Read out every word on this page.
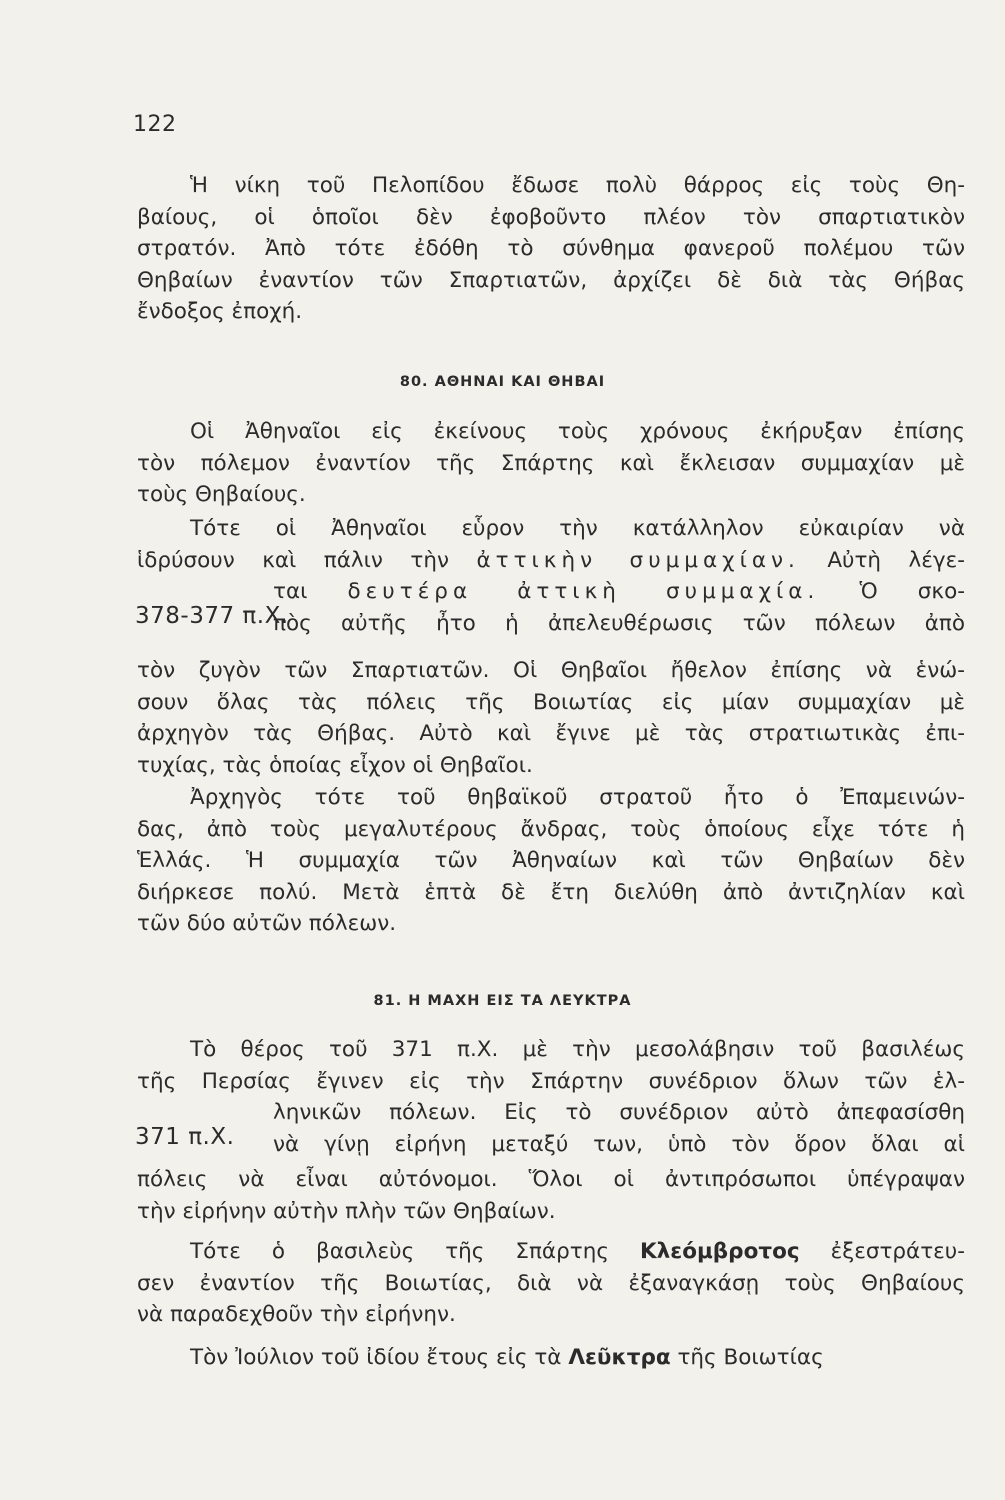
122
Ἡ νίκη τοῦ Πελοπίδου ἔδωσε πολὺ θάρρος εἰς τοὺς Θη-
βαίους, οἱ ὁποῖοι δὲν ἐφοβοῦντο πλέον τὸν σπαρτιατικὸν
στρατόν. Ἀπὸ τότε ἐδόθη τὸ σύνθημα φανεροῦ πολέμου τῶν
Θηβαίων ἐναντίον τῶν Σπαρτιατῶν, ἀρχίζει δὲ διὰ τὰς Θήβας
ἔνδοξος ἐποχή.
80. ΑΘΗΝΑΙ ΚΑΙ ΘΗΒΑΙ
Οἱ Ἀθηναῖοι εἰς ἐκείνους τοὺς χρόνους ἐκήρυξαν ἐπίσης
τὸν πόλεμον ἐναντίον τῆς Σπάρτης καὶ ἔκλεισαν συμμαχίαν μὲ
τοὺς Θηβαίους.
Τότε οἱ Ἀθηναῖοι εὗρον τὴν κατάλληλον εὐκαιρίαν νὰ
ἱδρύσουν καὶ πάλιν τὴν ἀττικὴν συμμαχίαν. Αὐτὴ λέγε-
ται δευτέρα ἀττικὴ συμμαχία. Ὁ σκο-
πὸς αὐτῆς ἦτο ἡ ἀπελευθέρωσις τῶν πόλεων ἀπὸ
378-377 π.Χ.
τὸν ζυγὸν τῶν Σπαρτιατῶν. Οἱ Θηβαῖοι ἤθελον ἐπίσης νὰ ἑνώ-
σουν ὅλας τὰς πόλεις τῆς Βοιωτίας εἰς μίαν συμμαχίαν μὲ
ἀρχηγὸν τὰς Θήβας. Αὐτὸ καὶ ἔγινε μὲ τὰς στρατιωτικὰς ἐπι-
τυχίας, τὰς ὁποίας εἶχον οἱ Θηβαῖοι.
Ἀρχηγὸς τότε τοῦ θηβαϊκοῦ στρατοῦ ἦτο ὁ Ἐπαμεινών-
δας, ἀπὸ τοὺς μεγαλυτέρους ἄνδρας, τοὺς ὁποίους εἶχε τότε ἡ
Ἑλλάς. Ἡ συμμαχία τῶν Ἀθηναίων καὶ τῶν Θηβαίων δὲν
διήρκεσε πολύ. Μετὰ ἑπτὰ δὲ ἔτη διελύθη ἀπὸ ἀντιζηλίαν καὶ
τῶν δύο αὐτῶν πόλεων.
81. Η ΜΑΧΗ ΕΙΣ ΤΑ ΛΕΥΚΤΡΑ
Τὸ θέρος τοῦ 371 π.Χ. μὲ τὴν μεσολάβησιν τοῦ βασιλέως
τῆς Περσίας ἔγινεν εἰς τὴν Σπάρτην συνέδριον ὅλων τῶν ἑλ-
ληνικῶν πόλεων. Εἰς τὸ συνέδριον αὐτὸ ἀπεφασίσθη
νὰ γίνῃ εἰρήνη μεταξύ των, ὑπὸ τὸν ὅρον ὅλαι αἱ
371 π.Χ.
πόλεις νὰ εἶναι αὐτόνομοι. Ὅλοι οἱ ἀντιπρόσωποι ὑπέγραψαν
τὴν εἰρήνην αὐτὴν πλὴν τῶν Θηβαίων.
Τότε ὁ βασιλεὺς τῆς Σπάρτης Κλεόμβροτος ἐξεστράτευ-
σεν ἐναντίον τῆς Βοιωτίας, διὰ νὰ ἐξαναγκάσῃ τοὺς Θηβαίους
νὰ παραδεχθοῦν τὴν εἰρήνην.
Τὸν Ἰούλιον τοῦ ἰδίου ἔτους εἰς τὰ Λεῦκτρα τῆς Βοιωτίας
